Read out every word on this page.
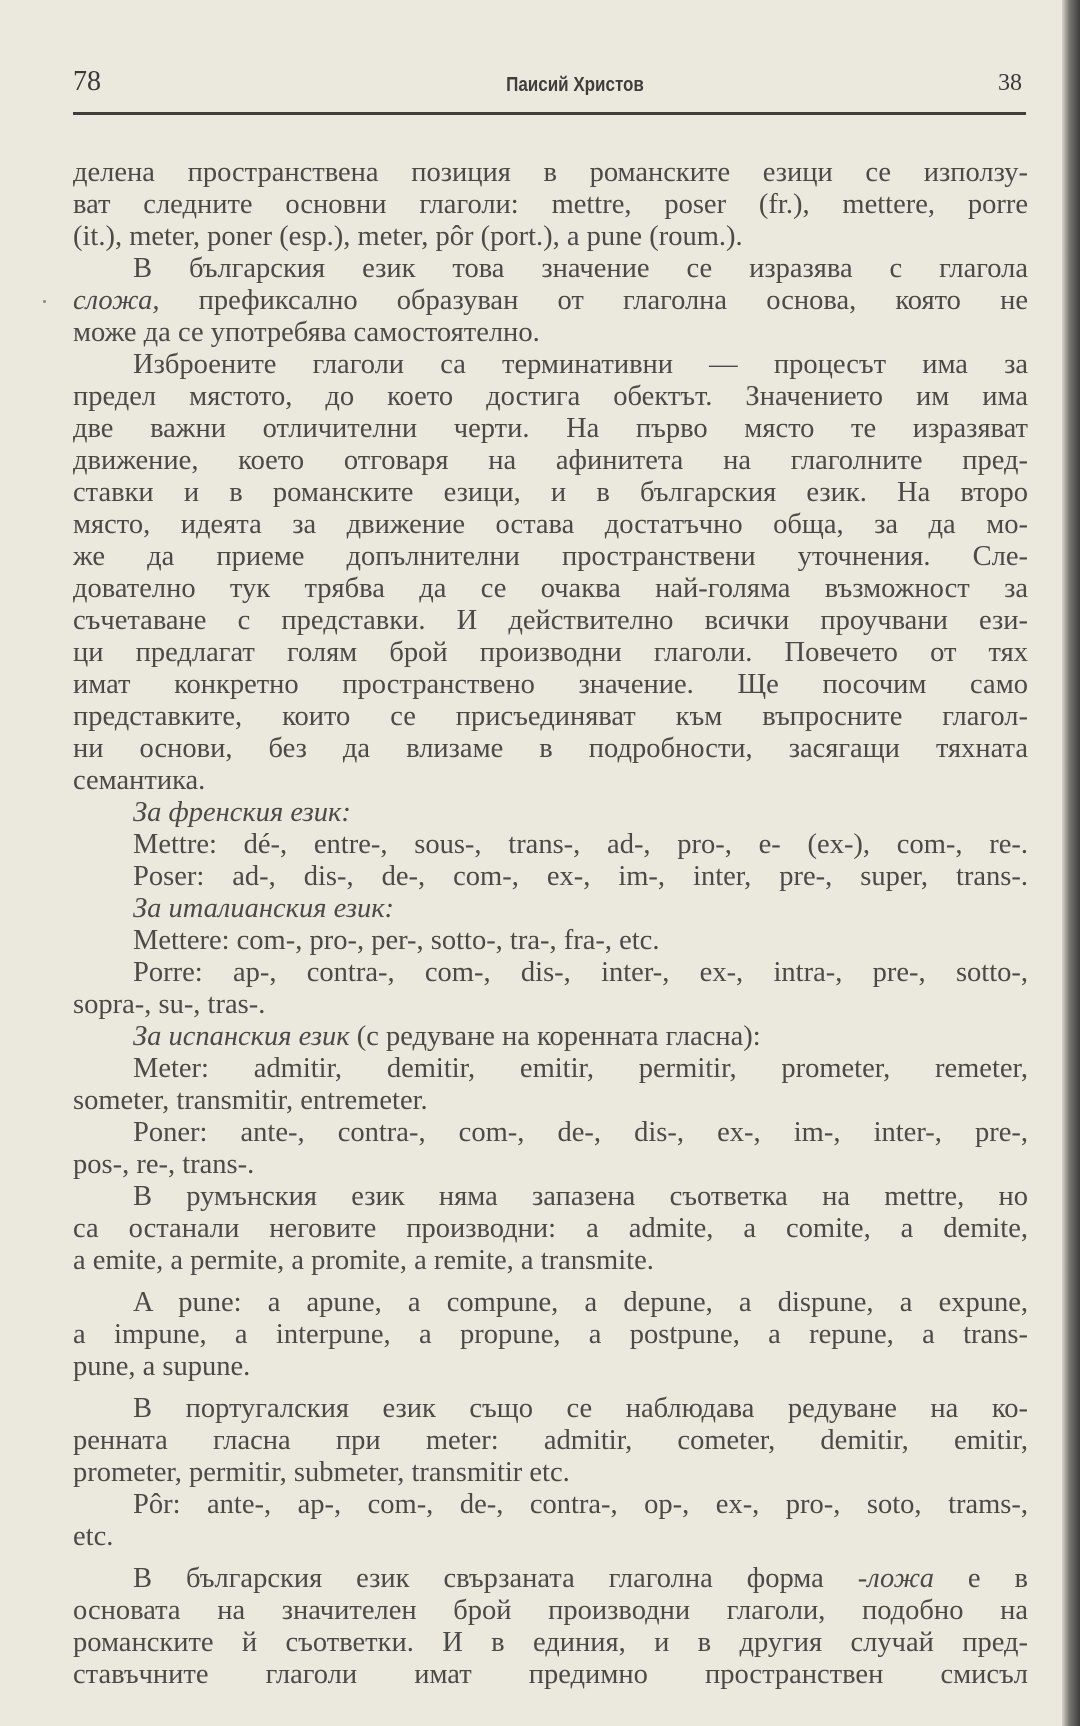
78	Паисий Христов	38
делена пространствена позиция в романските езици се използу-
ват следните основни глаголи: mettre, poser (fr.), mettere, porre
(it.), meter, poner (esp.), meter, pôr (port.), a pune (roum.).
В българския език това значение се изразява с глагола
сложа, префиксално образуван от глаголна основа, която не
може да се употребява самостоятелно.
Изброените глаголи са терминативни — процесът има за
предел мястото, до което достига обектът. Значението им има
две важни отличителни черти. На първо място те изразяват
движение, което отговаря на афинитета на глаголните пред-
ставки и в романските езици, и в българския език. На второ
място, идеята за движение остава достатъчно обща, за да мо-
же да приеме допълнителни пространствени уточнения. Сле-
дователно тук трябва да се очаква най-голяма възможност за
съчетаване с представки. И действително всички проучвани ези-
ци предлагат голям брой производни глаголи. Повечето от тях
имат конкретно пространствено значение. Ще посочим само
представките, които се присъединяват към въпросните глагол-
ни основи, без да влизаме в подробности, засягащи тяхната
семантика.
За френския език:
Mettre: dé-, entre-, sous-, trans-, ad-, pro-, e- (ex-), com-, re-.
Poser: ad-, dis-, de-, com-, ex-, im-, inter, pre-, super, trans-.
За италианския език:
Mettere: com-, pro-, per-, sotto-, tra-, fra-, etc.
Porre: ap-, contra-, com-, dis-, inter-, ex-, intra-, pre-, sotto-,
sopra-, su-, tras-.
За испанския език (с редуване на коренната гласна):
Meter: admitir, demitir, emitir, permitir, prometer, remeter,
someter, transmitir, entremeter.
Poner: ante-, contra-, com-, de-, dis-, ex-, im-, inter-, pre-,
pos-, re-, trans-.
В румънския език няма запазена съответка на mettre, но
са останали неговите производни: a admite, a comite, a demite,
a emite, a permite, a promite, a remite, a transmite.
A pune: a apune, a compune, a depune, a dispune, a expune,
a impune, a interpune, a propune, a postpune, a repune, a trans-
pune, a supune.
В португалския език също се наблюдава редуване на ко-
ренната гласна при meter: admitir, cometer, demitir, emitir,
prometer, permitir, submeter, transmitir etc.
Pôr: ante-, ap-, com-, de-, contra-, op-, ex-, pro-, soto, trams-,
etc.
В българския език свързаната глаголна форма -ложа е в
основата на значителен брой производни глаголи, подобно на
романските й съответки. И в единия, и в другия случай пред-
ставъчните глаголи имат предимно пространствен смисъл
